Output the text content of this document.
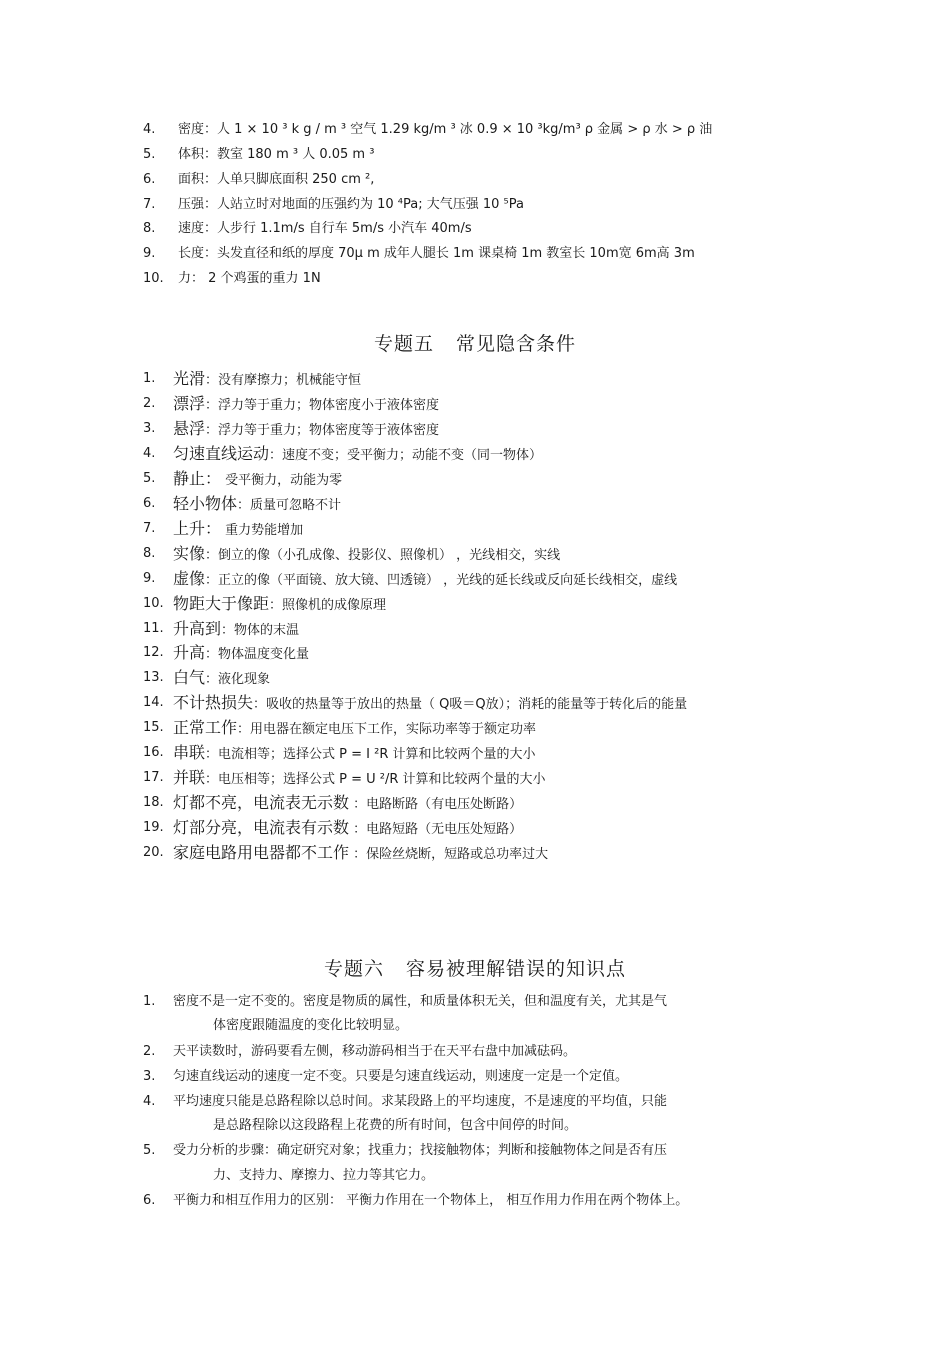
4. 密度：人 1 × 10 ³ k g / m ³ 空气 1.29 kg/m ³ 冰 0.9 × 10 ³kg/m³ ρ 金属 > ρ 水 > ρ 油
5. 体积：教室 180 m ³ 人 0.05 m ³
6. 面积：人单只脚底面积 250 cm ²,
7. 压强：人站立时对地面的压强约为 10 ⁴Pa; 大气压强 10 ⁵Pa
8. 速度：人步行 1.1m/s 自行车 5m/s 小汽车 40m/s
9. 长度：头发直径和纸的厚度 70μ m 成年人腿长 1m 课桌椅 1m 教室长 10m宽 6m高 3m
10. 力： 2 个鸡蛋的重力 1N
专题五 常见隐含条件
1. 光滑：没有摩擦力；机械能守恒
2. 漂浮：浮力等于重力；物体密度小于液体密度
3. 悬浮：浮力等于重力；物体密度等于液体密度
4. 匀速直线运动：速度不变；受平衡力；动能不变（同一物体）
5. 静止： 受平衡力，动能为零
6. 轻小物体：质量可忽略不计
7. 上升： 重力势能增加
8. 实像：倒立的像（小孔成像、投影仪、照像机） ，光线相交，实线
9. 虚像：正立的像（平面镜、放大镜、凹透镜） ，光线的延长线或反向延长线相交，虚线
10. 物距大于像距：照像机的成像原理
11. 升高到：物体的末温
12. 升高：物体温度变化量
13. 白气：液化现象
14. 不计热损失：吸收的热量等于放出的热量（ Q吸＝Q放）；消耗的能量等于转化后的能量
15. 正常工作：用电器在额定电压下工作，实际功率等于额定功率
16. 串联：电流相等；选择公式 P = I ²R 计算和比较两个量的大小
17. 并联：电压相等；选择公式 P = U ²/R 计算和比较两个量的大小
18. 灯都不亮，电流表无示数 ：电路断路（有电压处断路）
19. 灯部分亮，电流表有示数 ：电路短路（无电压处短路）
20. 家庭电路用电器都不工作 ：保险丝烧断，短路或总功率过大
专题六 容易被理解错误的知识点
1. 密度不是一定不变的。密度是物质的属性，和质量体积无关，但和温度有关，尤其是气
体密度跟随温度的变化比较明显。
2. 天平读数时，游码要看左侧，移动游码相当于在天平右盘中加减砝码。
3. 匀速直线运动的速度一定不变。只要是匀速直线运动，则速度一定是一个定值。
4. 平均速度只能是总路程除以总时间。求某段路上的平均速度，不是速度的平均值，只能
是总路程除以这段路程上花费的所有时间，包含中间停的时间。
5. 受力分析的步骤：确定研究对象；找重力；找接触物体；判断和接触物体之间是否有压
力、支持力、摩擦力、拉力等其它力。
6. 平衡力和相互作用力的区别： 平衡力作用在一个物体上， 相互作用力作用在两个物体上。
